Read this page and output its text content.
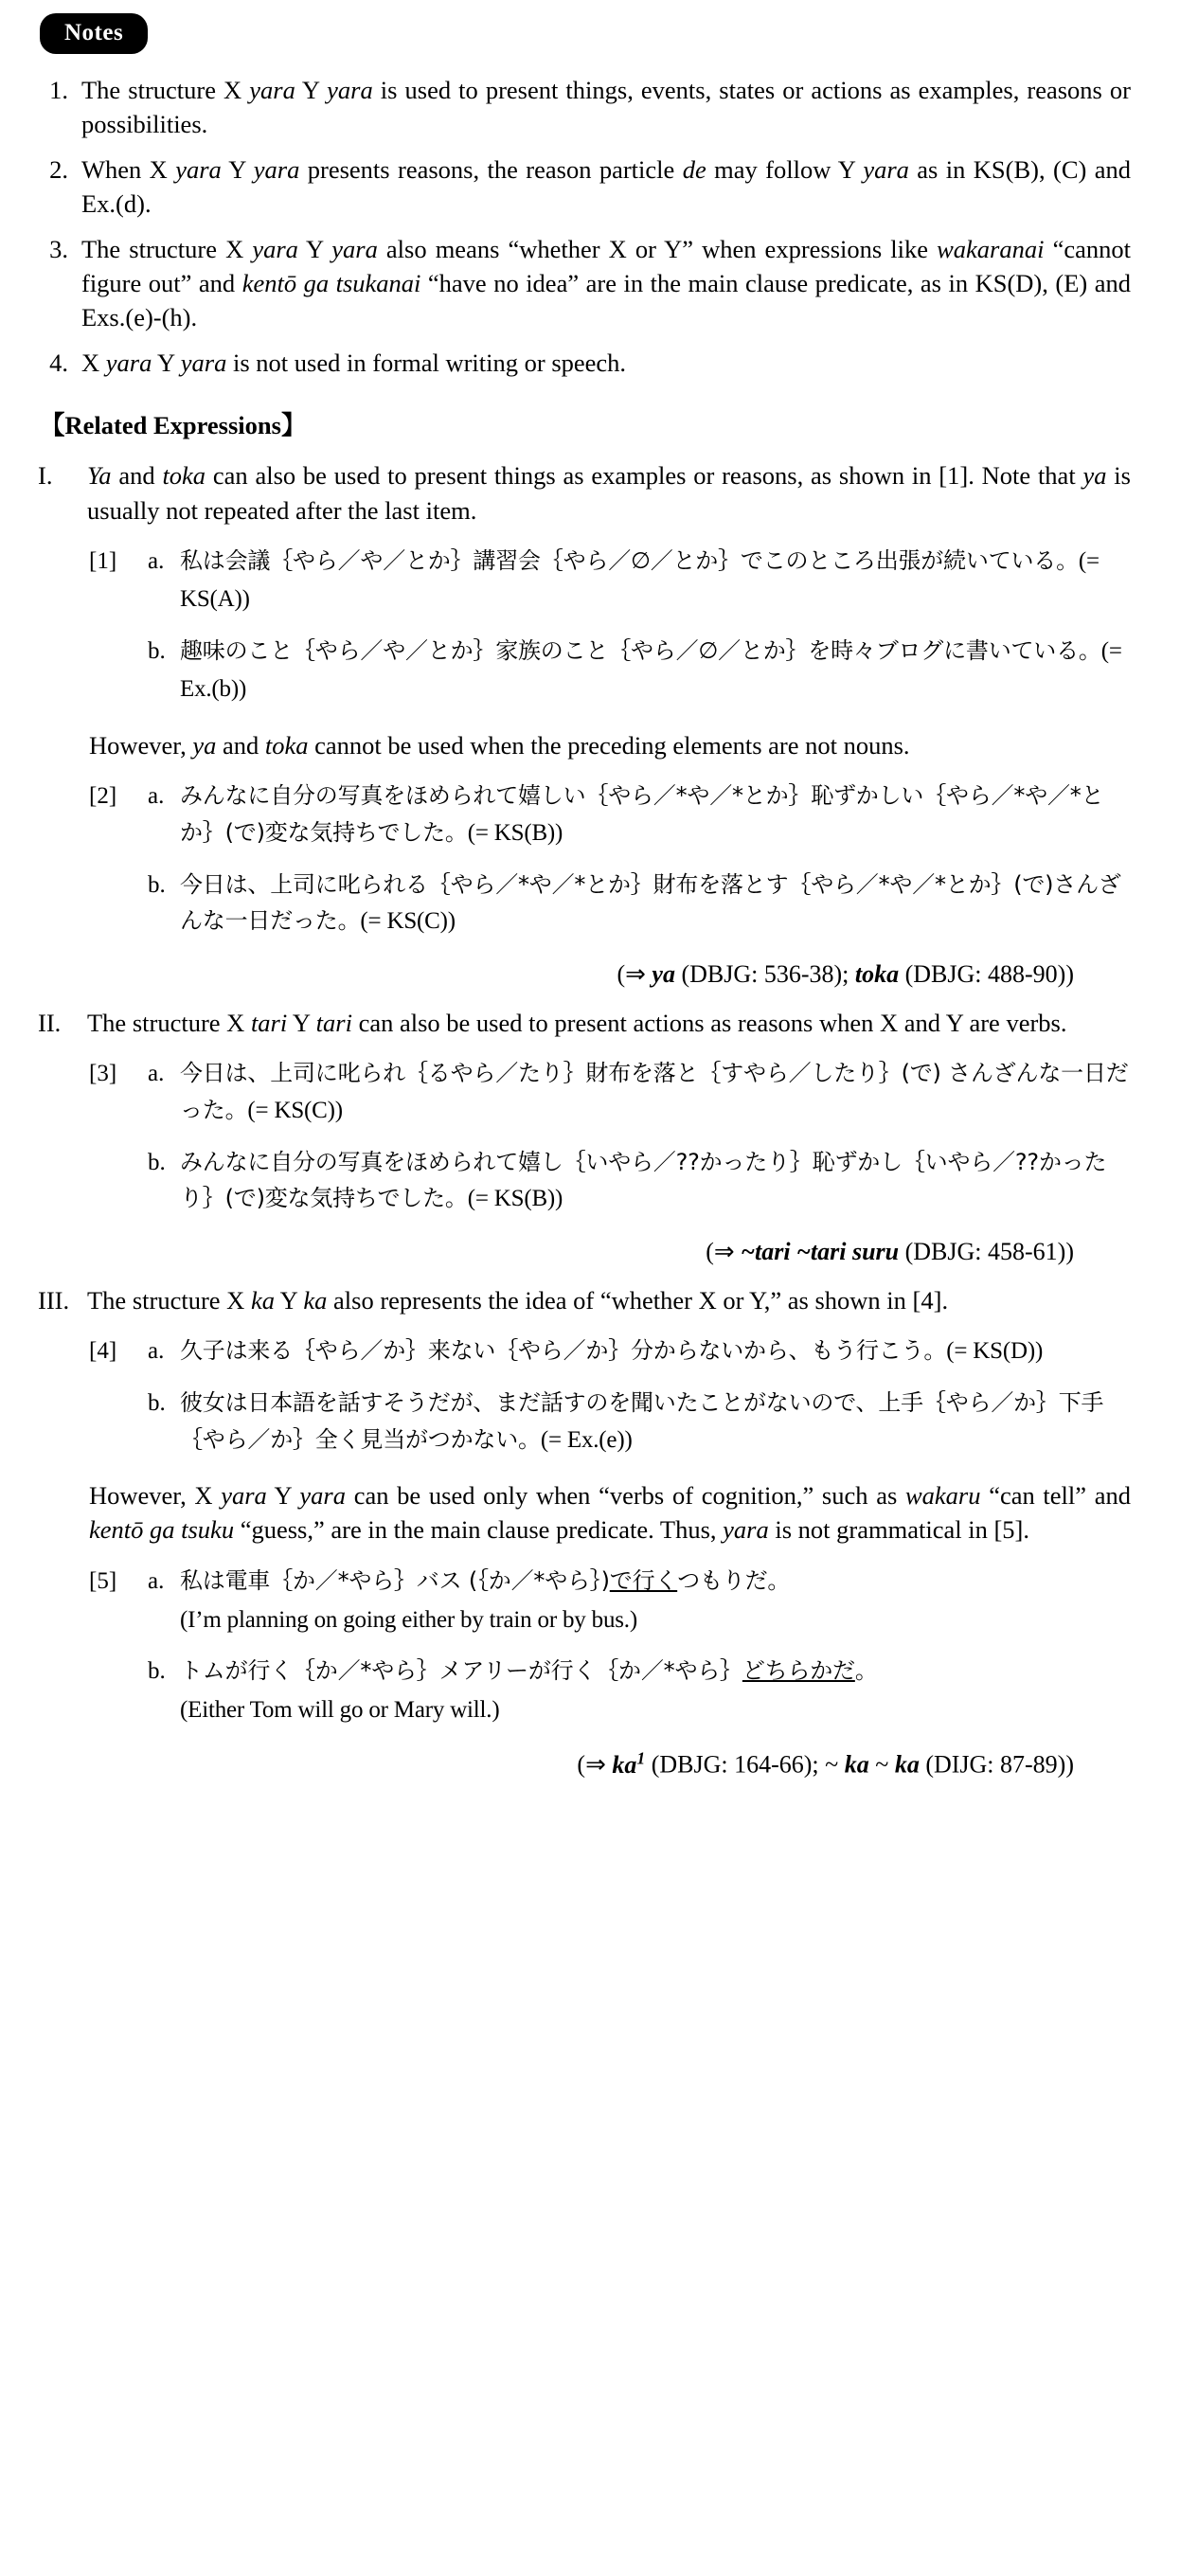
Notes
1. The structure X yara Y yara is used to present things, events, states or actions as examples, reasons or possibilities.
2. When X yara Y yara presents reasons, the reason particle de may follow Y yara as in KS(B), (C) and Ex.(d).
3. The structure X yara Y yara also means “whether X or Y” when expressions like wakaranai “cannot figure out” and kentō ga tsukanai “have no idea” are in the main clause predicate, as in KS(D), (E) and Exs.(e)-(h).
4. X yara Y yara is not used in formal writing or speech.
【Related Expressions】
I.	Ya and toka can also be used to present things as examples or reasons, as shown in [1]. Note that ya is usually not repeated after the last item.
[1]	a. 私は会議｛やら／や／とか｝講習会｛やら／∅／とか｝でこのところ出張が続いている。(= KS(A))
b. 趣味のこと｛やら／や／とか｝家族のこと｛やら／∅／とか｝を時々ブログに書いている。(= Ex.(b))
However, ya and toka cannot be used when the preceding elements are not nouns.
[2]	a. みんなに自分の写真をほめられて嬉しい｛やら／*や／*とか｝恥ずかしい｛やら／*や／*とか｝(で)変な気持ちでした。(= KS(B))
b. 今日は、上司に叱られる｛やら／*や／*とか｝財布を落とす｛やら／*や／*とか｝(で)さんざんな一日だった。(= KS(C))
(⇒ ya (DBJG: 536-38); toka (DBJG: 488-90))
II.	The structure X tari Y tari can also be used to present actions as reasons when X and Y are verbs.
[3]	a. 今日は、上司に叱られ｛るやら／たり｝財布を落と｛すやら／したり｝(で) さんざんな一日だった。(= KS(C))
b. みんなに自分の写真をほめられて嬉し｛いやら／??かったり｝恥ずかし｛いやら／??かったり｝(で)変な気持ちでした。(= KS(B))
(⇒ ~tari ~tari suru (DBJG: 458-61))
III. The structure X ka Y ka also represents the idea of “whether X or Y,” as shown in [4].
[4]	a. 久子は来る｛やら／か｝来ない｛やら／か｝分からないから、もう行こう。(= KS(D))
b. 彼女は日本語を話すそうだが、まだ話すのを聞いたことがないので、上手｛やら／か｝下手｛やら／か｝全く見当がつかない。(= Ex.(e))
However, X yara Y yara can be used only when “verbs of cognition,” such as wakaru “can tell” and kentō ga tsuku “guess,” are in the main clause predicate. Thus, yara is not grammatical in [5].
[5]	a. 私は電車｛か／*やら｝バス (｛か／*やら｝)で行くつもりだ。
(I’m planning on going either by train or by bus.)
b. トムが行く｛か／*やら｝メアリーが行く｛か／*やら｝どちらかだ。
(Either Tom will go or Mary will.)
(⇒ $ka^1$ (DBJG: 164-66); ~ ka ~ ka (DIJG: 87-89))
